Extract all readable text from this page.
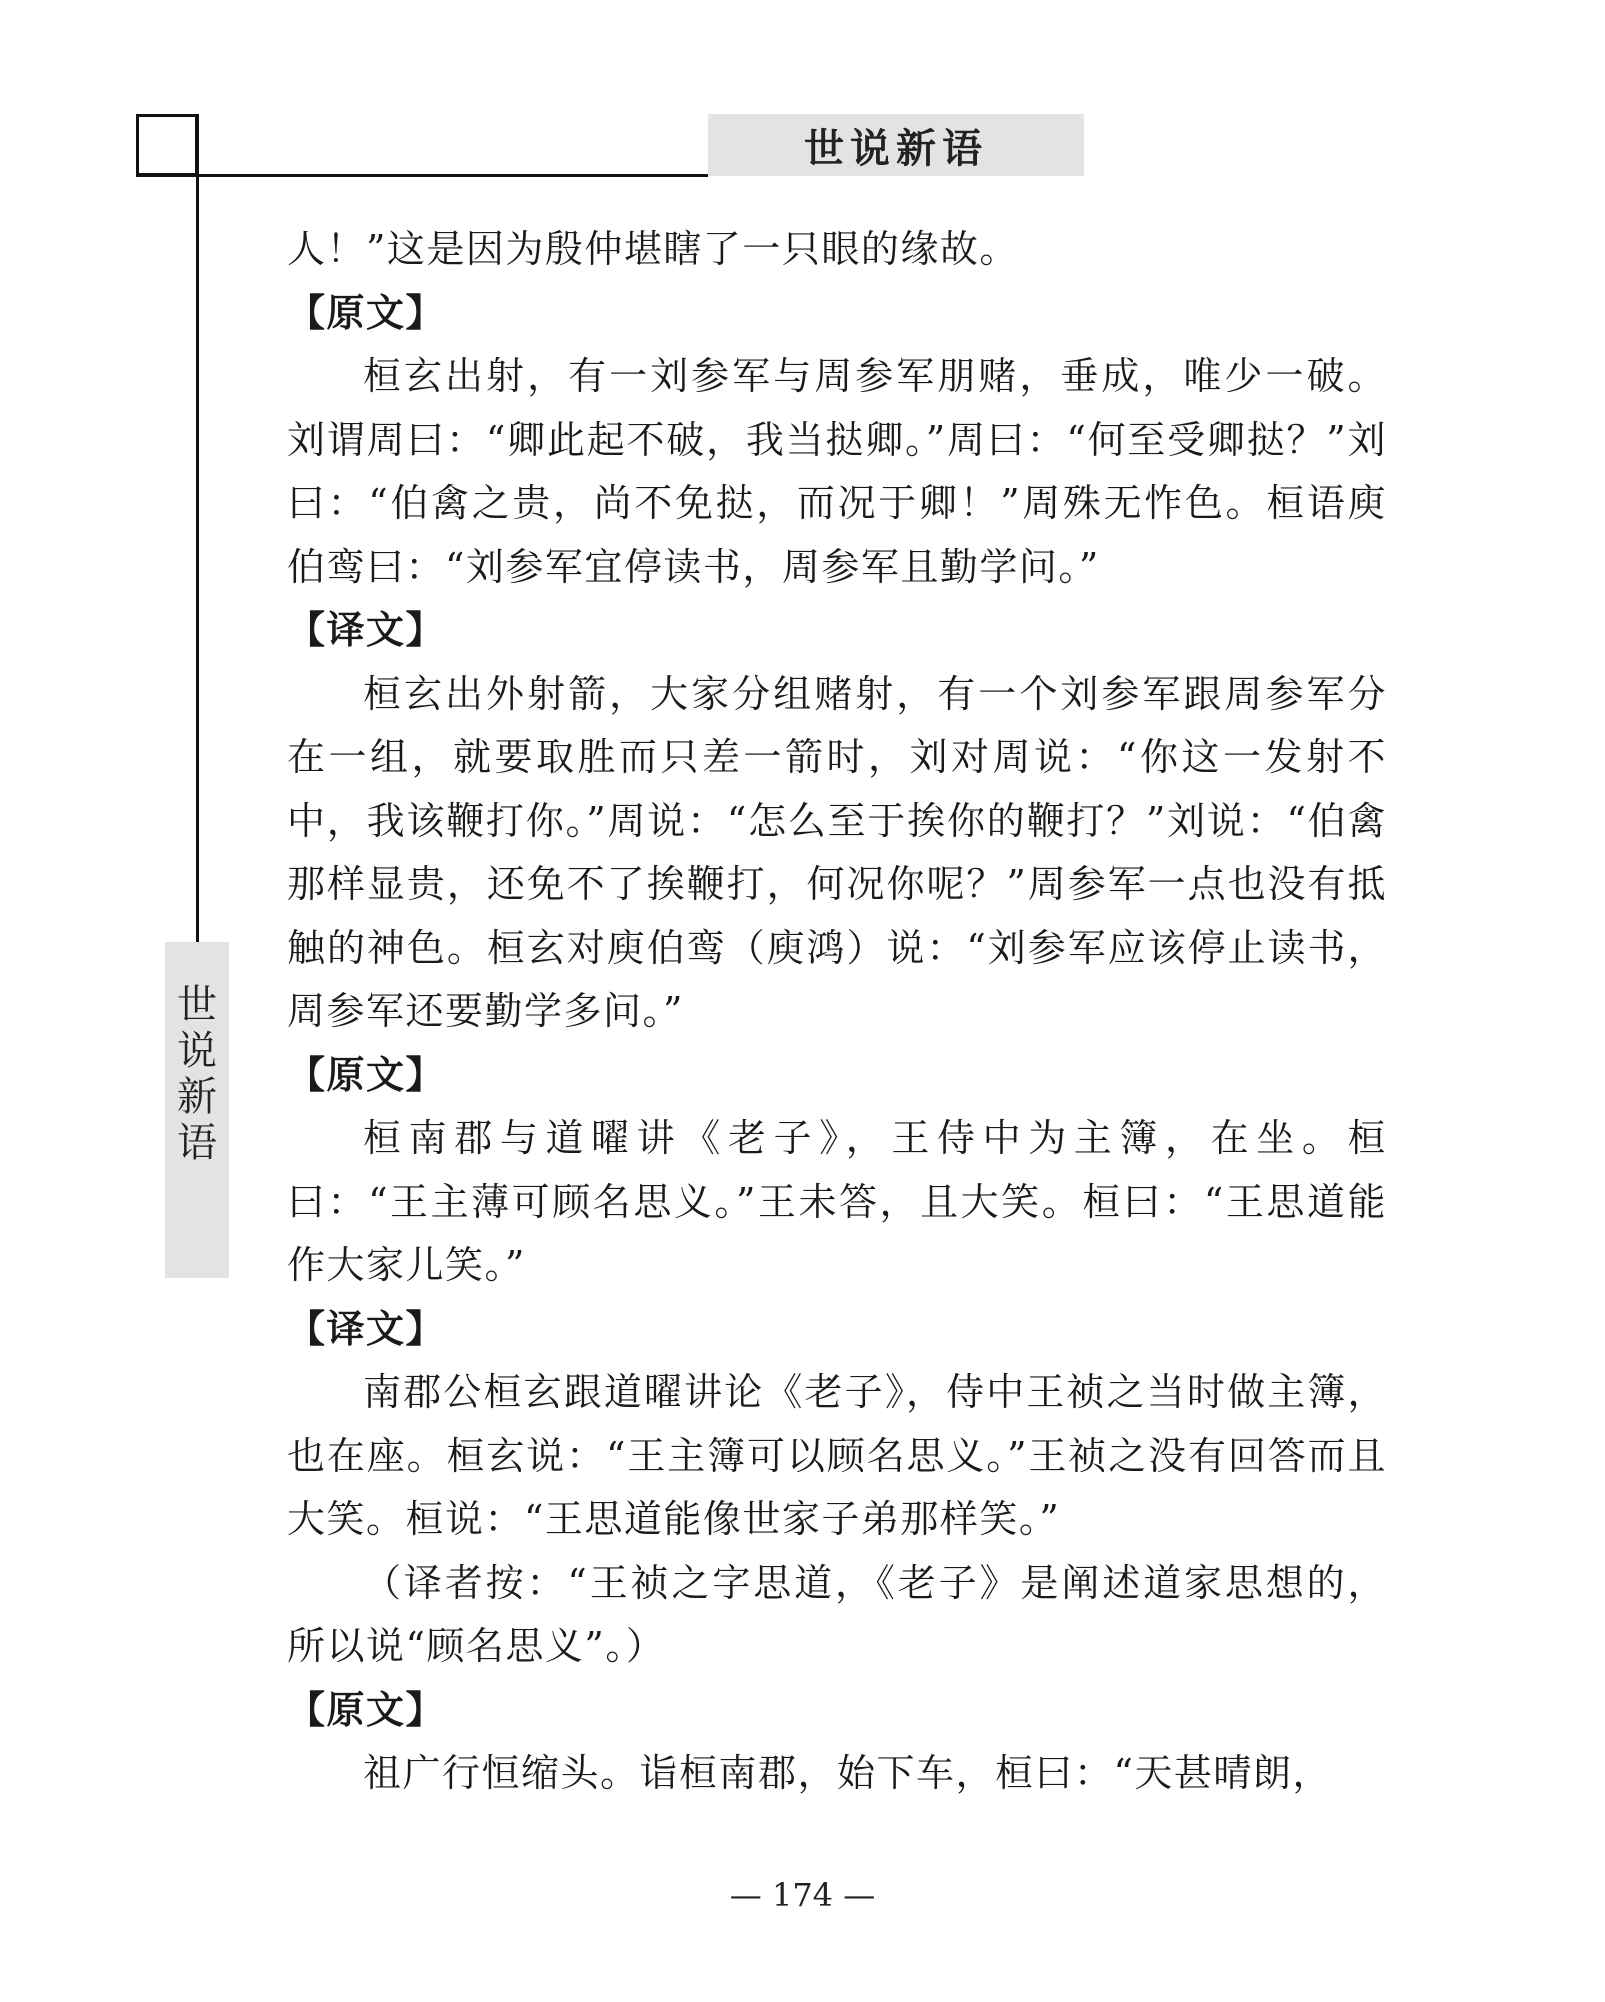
世说新语
世
说
新
语

人！”这是因为殷仲堪瞎了一只眼的缘故。

【原文】

桓玄出射，有一刘参军与周参军朋赌，垂成，唯少一破。刘谓周曰：“卿此起不破，我当挞卿。”周曰：“何至受卿挞？”刘曰：“伯禽之贵，尚不免挞，而况于卿！”周殊无怍色。桓语庾伯鸾曰：“刘参军宜停读书，周参军且勤学问。”

【译文】

桓玄出外射箭，大家分组赌射，有一个刘参军跟周参军分在一组，就要取胜而只差一箭时，刘对周说：“你这一发射不中，我该鞭打你。”周说：“怎么至于挨你的鞭打？”刘说：“伯禽那样显贵，还免不了挨鞭打，何况你呢？”周参军一点也没有抵触的神色。桓玄对庾伯鸾（庾鸿）说：“刘参军应该停止读书，周参军还要勤学多问。”

【原文】

桓南郡与道曜讲《老子》，王侍中为主簿，在坐。桓曰：“王主薄可顾名思义。”王未答，且大笑。桓曰：“王思道能作大家儿笑。”

【译文】

南郡公桓玄跟道曜讲论《老子》，侍中王祯之当时做主簿，也在座。桓玄说：“王主簿可以顾名思义。”王祯之没有回答而且大笑。桓说：“王思道能像世家子弟那样笑。”

（译者按：“王祯之字思道，《老子》是阐述道家思想的，所以说“顾名思义”。）

【原文】

祖广行恒缩头。诣桓南郡，始下车，桓曰：“天甚晴朗，

— 174 —
